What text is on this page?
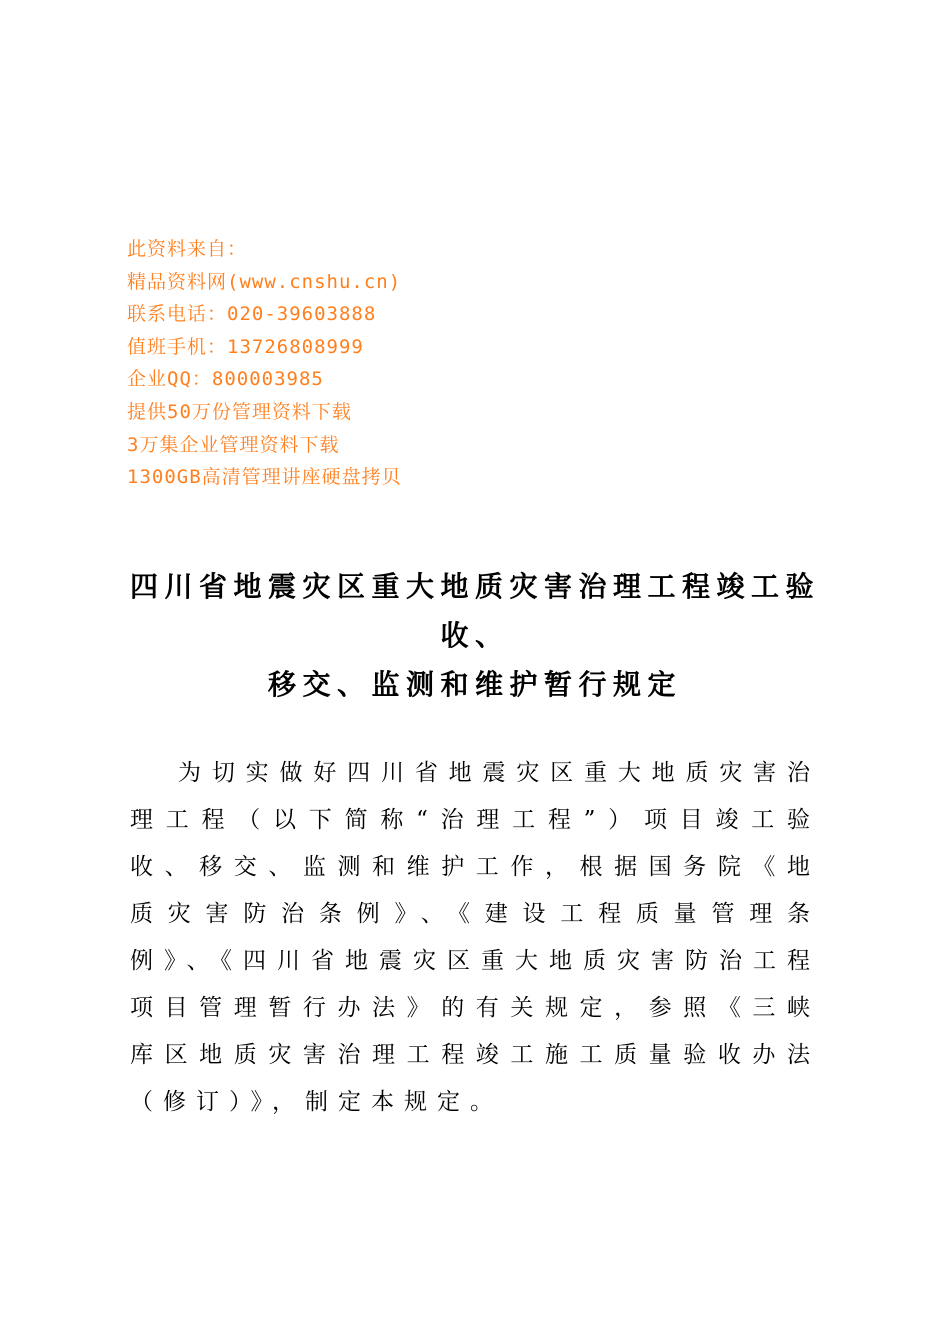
此资料来自：
精品资料网(www.cnshu.cn)
联系电话：020-39603888
值班手机：13726808999
企业QQ：800003985
提供50万份管理资料下载
3万集企业管理资料下载
1300GB高清管理讲座硬盘拷贝
四川省地震灾区重大地质灾害治理工程竣工验
收、
移交、监测和维护暂行规定

为切实做好四川省地震灾区重大地质灾害治理工程（以下简称“治理工程”）项目竣工验收、移交、监测和维护工作，根据国务院《地质灾害防治条例》、《建设工程质量管理条例》、《四川省地震灾区重大地质灾害防治工程项目管理暂行办法》的有关规定，参照《三峡库区地质灾害治理工程竣工施工质量验收办法（修订）》，制定本规定。
